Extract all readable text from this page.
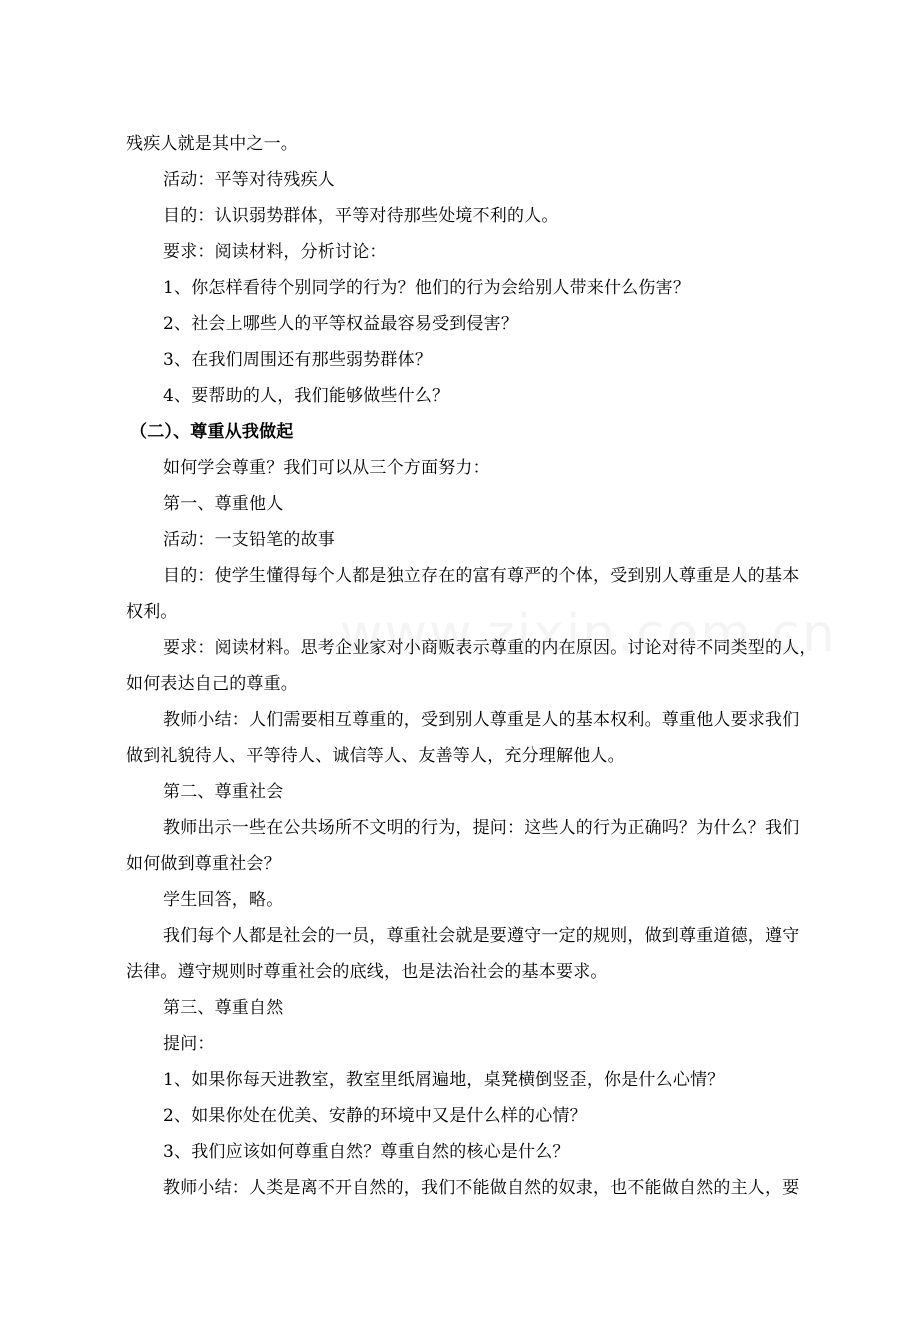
残疾人就是其中之一。
活动：平等对待残疾人
目的：认识弱势群体，平等对待那些处境不利的人。
要求：阅读材料，分析讨论：
1、你怎样看待个别同学的行为？他们的行为会给别人带来什么伤害？
2、社会上哪些人的平等权益最容易受到侵害？
3、在我们周围还有那些弱势群体？
4、要帮助的人，我们能够做些什么？
（二）、尊重从我做起
如何学会尊重？我们可以从三个方面努力：
第一、尊重他人
活动：一支铅笔的故事
目的：使学生懂得每个人都是独立存在的富有尊严的个体，受到别人尊重是人的基本
权利。
要求：阅读材料。思考企业家对小商贩表示尊重的内在原因。讨论对待不同类型的人，
如何表达自己的尊重。
教师小结：人们需要相互尊重的，受到别人尊重是人的基本权利。尊重他人要求我们
做到礼貌待人、平等待人、诚信等人、友善等人，充分理解他人。
第二、尊重社会
教师出示一些在公共场所不文明的行为，提问：这些人的行为正确吗？为什么？我们
如何做到尊重社会？
学生回答，略。
我们每个人都是社会的一员，尊重社会就是要遵守一定的规则，做到尊重道德，遵守
法律。遵守规则时尊重社会的底线，也是法治社会的基本要求。
第三、尊重自然
提问：
1、如果你每天进教室，教室里纸屑遍地，桌凳横倒竖歪，你是什么心情？
2、如果你处在优美、安静的环境中又是什么样的心情？
3、我们应该如何尊重自然？尊重自然的核心是什么？
教师小结：人类是离不开自然的，我们不能做自然的奴隶，也不能做自然的主人，要
